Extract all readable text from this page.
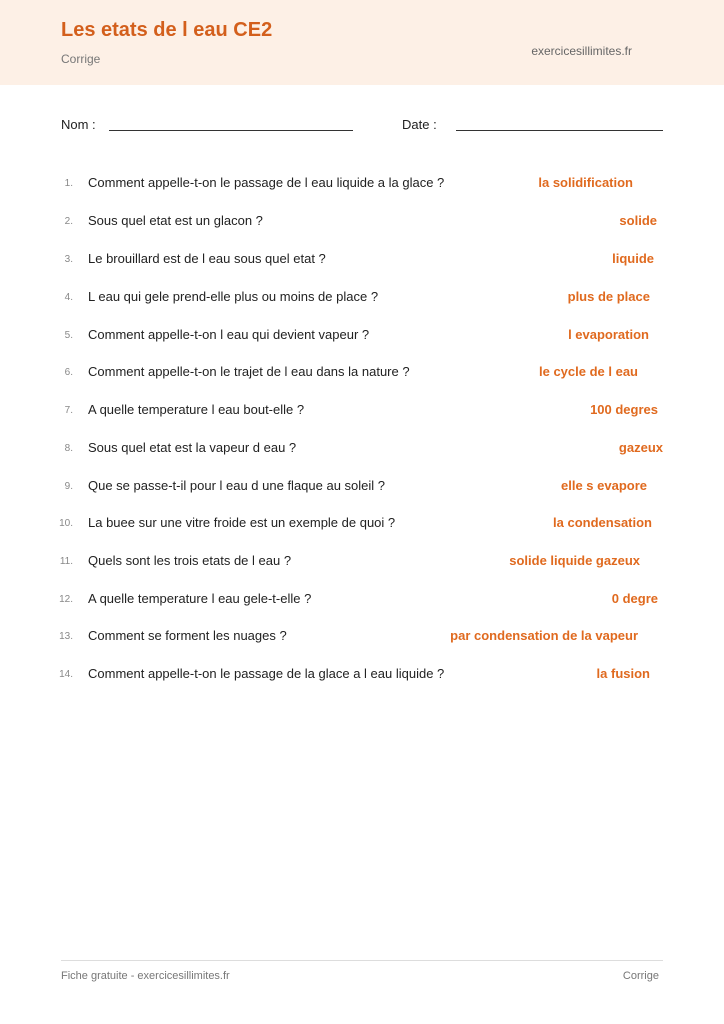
Les etats de l eau CE2
Corrige
exercicesillimites.fr
Nom :	Date :
1. Comment appelle-t-on le passage de l eau liquide a la glace ?	la solidification
2. Sous quel etat est un glacon ?	solide
3. Le brouillard est de l eau sous quel etat ?	liquide
4. L eau qui gele prend-elle plus ou moins de place ?	plus de place
5. Comment appelle-t-on l eau qui devient vapeur ?	l evaporation
6. Comment appelle-t-on le trajet de l eau dans la nature ?	le cycle de l eau
7. A quelle temperature l eau bout-elle ?	100 degres
8. Sous quel etat est la vapeur d eau ?	gazeux
9. Que se passe-t-il pour l eau d une flaque au soleil ?	elle s evapore
10. La buee sur une vitre froide est un exemple de quoi ?	la condensation
11. Quels sont les trois etats de l eau ?	solide liquide gazeux
12. A quelle temperature l eau gele-t-elle ?	0 degre
13. Comment se forment les nuages ?	par condensation de la vapeur
14. Comment appelle-t-on le passage de la glace a l eau liquide ?	la fusion
Fiche gratuite - exercicesillimites.fr	Corrige
